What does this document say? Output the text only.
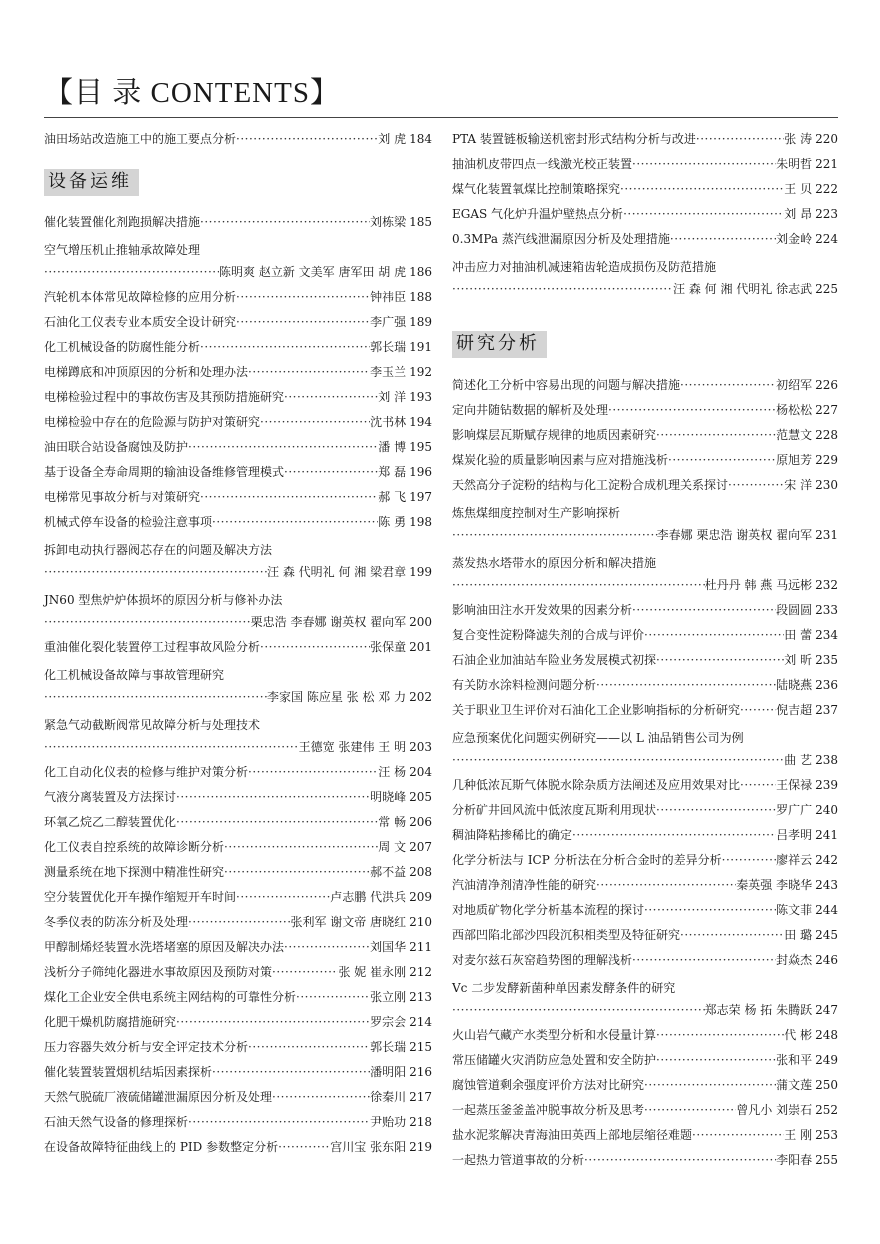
【目 录 CONTENTS】
油田场站改造施工中的施工要点分析 ·····	刘 虎 184
设备运维
催化装置催化剂跑损解决措施 ·····	刘栋梁 185
空气增压机止推轴承故障处理
·····
陈明爽 赵立新 文美军 唐军田 胡 虎 186
汽轮机本体常见故障检修的应用分析 ·····	钟祎臣 188
石油化工仪表专业本质安全设计研究 ·····	李广强 189
化工机械设备的防腐性能分析 ·····	郭长瑞 191
电梯蹲底和冲顶原因的分析和处理办法 ·····	李玉兰 192
电梯检验过程中的事故伤害及其预防措施研究 ·····	刘 洋 193
电梯检验中存在的危险源与防护对策研究 ·····	沈书林 194
油田联合站设备腐蚀及防护 ·····	潘 博 195
基于设备全寿命周期的输油设备维修管理模式 ·····	郑 磊 196
电梯常见事故分析与对策研究 ·····	郝 飞 197
机械式停车设备的检验注意事项 ·····	陈 勇 198
拆卸电动执行器阀芯存在的问题及解决方法
·····
汪 森 代明礼 何 湘 梁君章 199
JN60 型焦炉炉体损坏的原因分析与修补办法
·····
栗忠浩 李春娜 谢英权 翟向军 200
重油催化裂化装置停工过程事故风险分析 ·····	张保童 201
化工机械设备故障与事故管理研究
·····
李家国 陈应星 张 松 邓 力 202
紧急气动截断阀常见故障分析与处理技术
·····
王德宽 张建伟 王 明 203
化工自动化仪表的检修与维护对策分析 ·····	汪 杨 204
气液分离装置及方法探讨 ·····	明晓峰 205
环氧乙烷乙二醇装置优化 ·····	常 畅 206
化工仪表自控系统的故障诊断分析 ·····	周 文 207
测量系统在地下探测中精准性研究 ·····	郝不益 208
空分装置优化开车操作缩短开车时间 ·····	卢志鹏 代洪兵 209
冬季仪表的防冻分析及处理 ·····	张利军 谢文帝 唐晓红 210
甲醇制烯烃装置水洗塔堵塞的原因及解决办法 ·····	刘国华 211
浅析分子筛纯化器进水事故原因及预防对策 ·····	张 妮 崔永刚 212
煤化工企业安全供电系统主网结构的可靠性分析 ·····	张立刚 213
化肥干燥机防腐措施研究 ·····	罗宗会 214
压力容器失效分析与安全评定技术分析 ·····	郭长瑞 215
催化装置装置烟机结垢因素探析 ·····	潘明阳 216
天然气脱硫厂液硫储罐泄漏原因分析及处理 ·····	徐秦川 217
石油天然气设备的修理探析 ·····	尹贻功 218
在设备故障特征曲线上的 PID 参数整定分析 ·····	宫川宝 张东阳 219
PTA 装置链板输送机密封形式结构分析与改进 ·····	张 涛 220
抽油机皮带四点一线激光校正装置 ·····	朱明哲 221
煤气化装置氧煤比控制策略探究 ·····	王 贝 222
EGAS 气化炉升温炉壁热点分析 ·····	刘 昂 223
0.3MPa 蒸汽线泄漏原因分析及处理措施 ·····	刘金岭 224
冲击应力对抽油机减速箱齿轮造成损伤及防范措施
·····
汪 森 何 湘 代明礼 徐志武 225
研究分析
简述化工分析中容易出现的问题与解决措施 ·····	初绍军 226
定向井随钻数据的解析及处理 ·····	杨松松 227
影响煤层瓦斯赋存规律的地质因素研究 ·····	范慧文 228
煤炭化验的质量影响因素与应对措施浅析 ·····	原旭芳 229
天然高分子淀粉的结构与化工淀粉合成机理关系探讨 ·····	宋 洋 230
炼焦煤细度控制对生产影响探析
·····
李春娜 栗忠浩 谢英权 翟向军 231
蒸发热水塔带水的原因分析和解决措施
·····
杜丹丹 韩 燕 马远彬 232
影响油田注水开发效果的因素分析 ·····	段圆圆 233
复合变性淀粉降滤失剂的合成与评价 ·····	田 蕾 234
石油企业加油站车险业务发展模式初探 ·····	刘 昕 235
有关防水涂料检测问题分析 ·····	陆晓燕 236
关于职业卫生评价对石油化工企业影响指标的分析研究 ·····	倪吉超 237
应急预案优化问题实例研究——以 L 油品销售公司为例
·····
曲 艺 238
几种低浓瓦斯气体脱水除杂质方法阐述及应用效果对比 ·····	王保禄 239
分析矿井回风流中低浓度瓦斯利用现状 ·····	罗广广 240
稠油降粘掺稀比的确定 ·····	吕孝明 241
化学分析法与 ICP 分析法在分析合金时的差异分析 ·····	廖祥云 242
汽油清净剂清净性能的研究 ·····	秦英强 李晓华 243
对地质矿物化学分析基本流程的探讨 ·····	陈文菲 244
西部凹陷北部沙四段沉积相类型及特征研究 ·····	田 璐 245
对麦尔兹石灰窑趋势图的理解浅析 ·····	封焱杰 246
Vc 二步发酵新菌种单因素发酵条件的研究
·····
郑志荣 杨 拓 朱腾跃 247
火山岩气藏产水类型分析和水侵量计算 ·····	代 彬 248
常压储罐火灾消防应急处置和安全防护 ·····	张和平 249
腐蚀管道剩余强度评价方法对比研究 ·····	蒲文莲 250
一起蒸压釜釜盖冲脱事故分析及思考 ·····	曾凡小 刘崇石 252
盐水泥浆解决青海油田英西上部地层缩径难题 ·····	王 刚 253
一起热力管道事故的分析 ·····	李阳春 255
